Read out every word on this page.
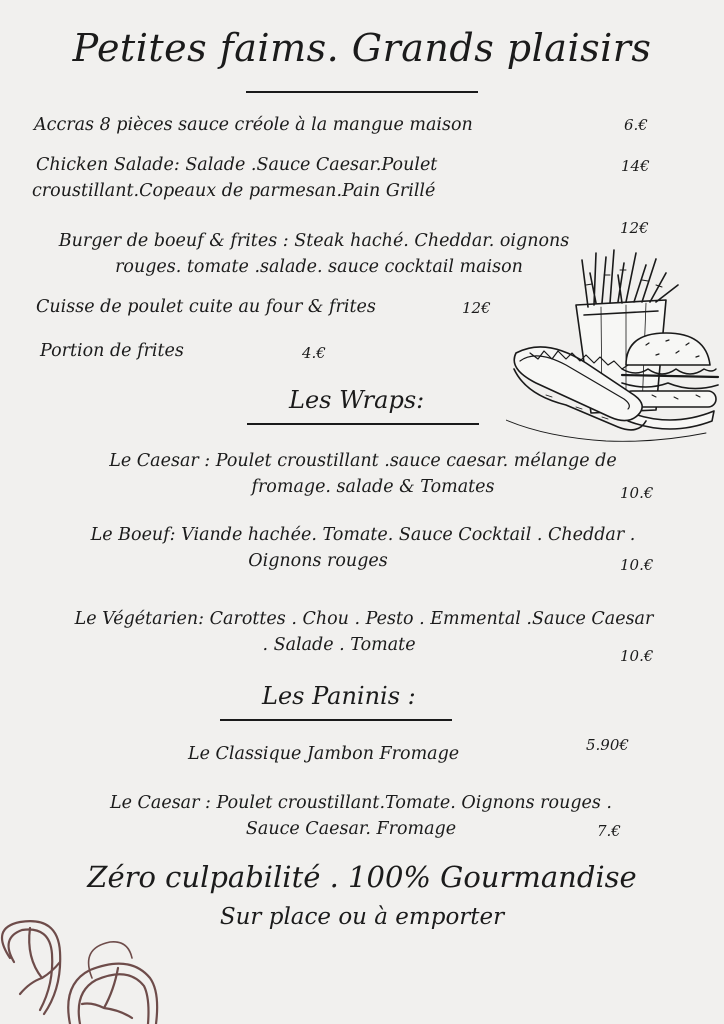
Petites faims. Grands plaisirs
Accras 8 pièces sauce créole à la mangue maison	6.€
Chicken Salade: Salade .Sauce Caesar.Poulet
croustillant.Copeaux de parmesan.Pain Grillé
14€
12€
Burger de boeuf & frites : Steak haché. Cheddar. oignons
rouges. tomate .salade. sauce cocktail maison
Cuisse de poulet cuite au four & frites	12€
Portion de frites	4.€
Les Wraps:
Le Caesar : Poulet croustillant .sauce caesar. mélange de
fromage. salade & Tomates	10.€
Le Boeuf: Viande hachée. Tomate. Sauce Cocktail . Cheddar .
Oignons rouges	10.€
Le Végétarien: Carottes . Chou . Pesto . Emmental .Sauce Caesar
. Salade . Tomate
10.€
Les Paninis :
Le Classique Jambon Fromage	5.90€
Le Caesar : Poulet croustillant.Tomate. Oignons rouges .
Sauce Caesar. Fromage	7.€
Zéro culpabilité . 100% Gourmandise
Sur place ou à emporter
